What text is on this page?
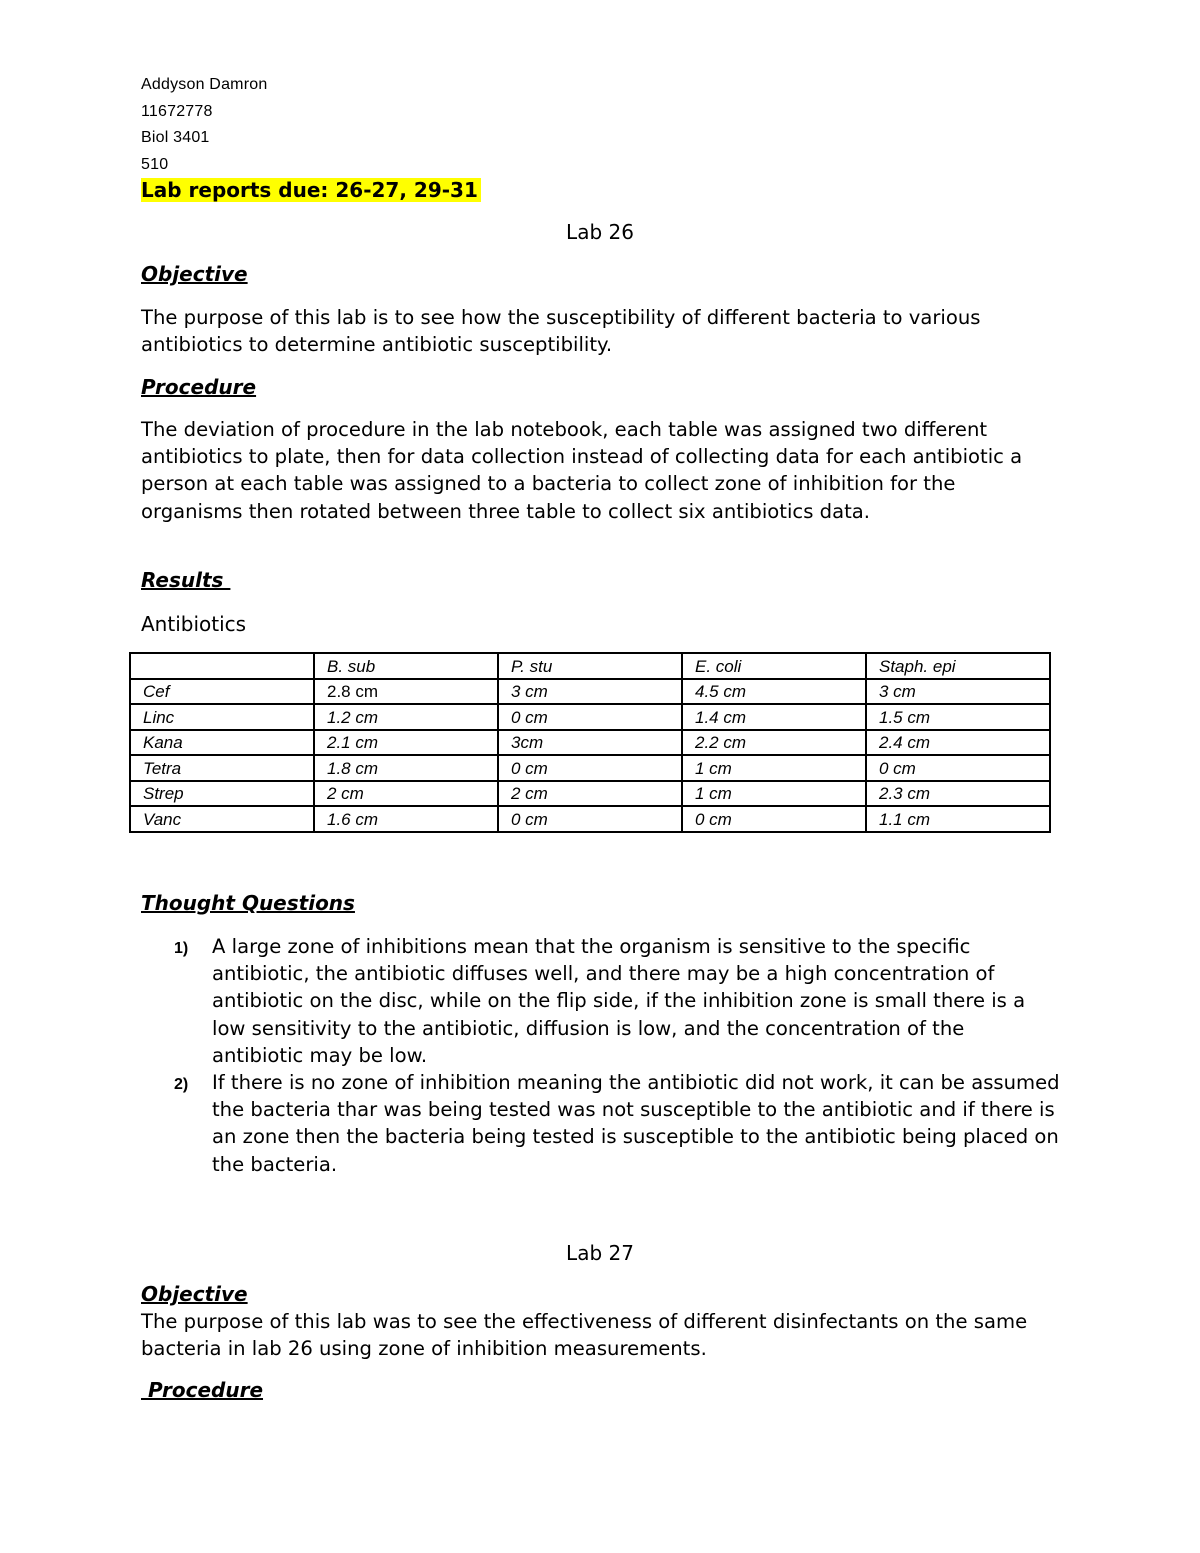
Addyson Damron
11672778
Biol 3401
510
Lab reports due: 26-27, 29-31
Lab 26
Objective

The purpose of this lab is to see how the susceptibility of different bacteria to various antibiotics to determine antibiotic susceptibility.

Procedure

The deviation of procedure in the lab notebook, each table was assigned two different antibiotics to plate, then for data collection instead of collecting data for each antibiotic a person at each table was assigned to a bacteria to collect zone of inhibition for the organisms then rotated between three table to collect six antibiotics data.

Results
Antibiotics
	B. sub	P. stu	E. coli	Staph. epi
Cef	2.8 cm	3 cm	4.5 cm	3 cm
Linc	1.2 cm	0 cm	1.4 cm	1.5 cm
Kana	2.1 cm	3cm	2.2 cm	2.4 cm
Tetra	1.8 cm	0 cm	1 cm	0 cm
Strep	2 cm	2 cm	1 cm	2.3 cm
Vanc	1.6 cm	0 cm	0 cm	1.1 cm
Thought Questions
1) A large zone of inhibitions mean that the organism is sensitive to the specific antibiotic, the antibiotic diffuses well, and there may be a high concentration of antibiotic on the disc, while on the flip side, if the inhibition zone is small there is a low sensitivity to the antibiotic, diffusion is low, and the concentration of the antibiotic may be low.
2) If there is no zone of inhibition meaning the antibiotic did not work, it can be assumed the bacteria thar was being tested was not susceptible to the antibiotic and if there is an zone then the bacteria being tested is susceptible to the antibiotic being placed on the bacteria.
Lab 27
Objective

The purpose of this lab was to see the effectiveness of different disinfectants on the same bacteria in lab 26 using zone of inhibition measurements.

Procedure
